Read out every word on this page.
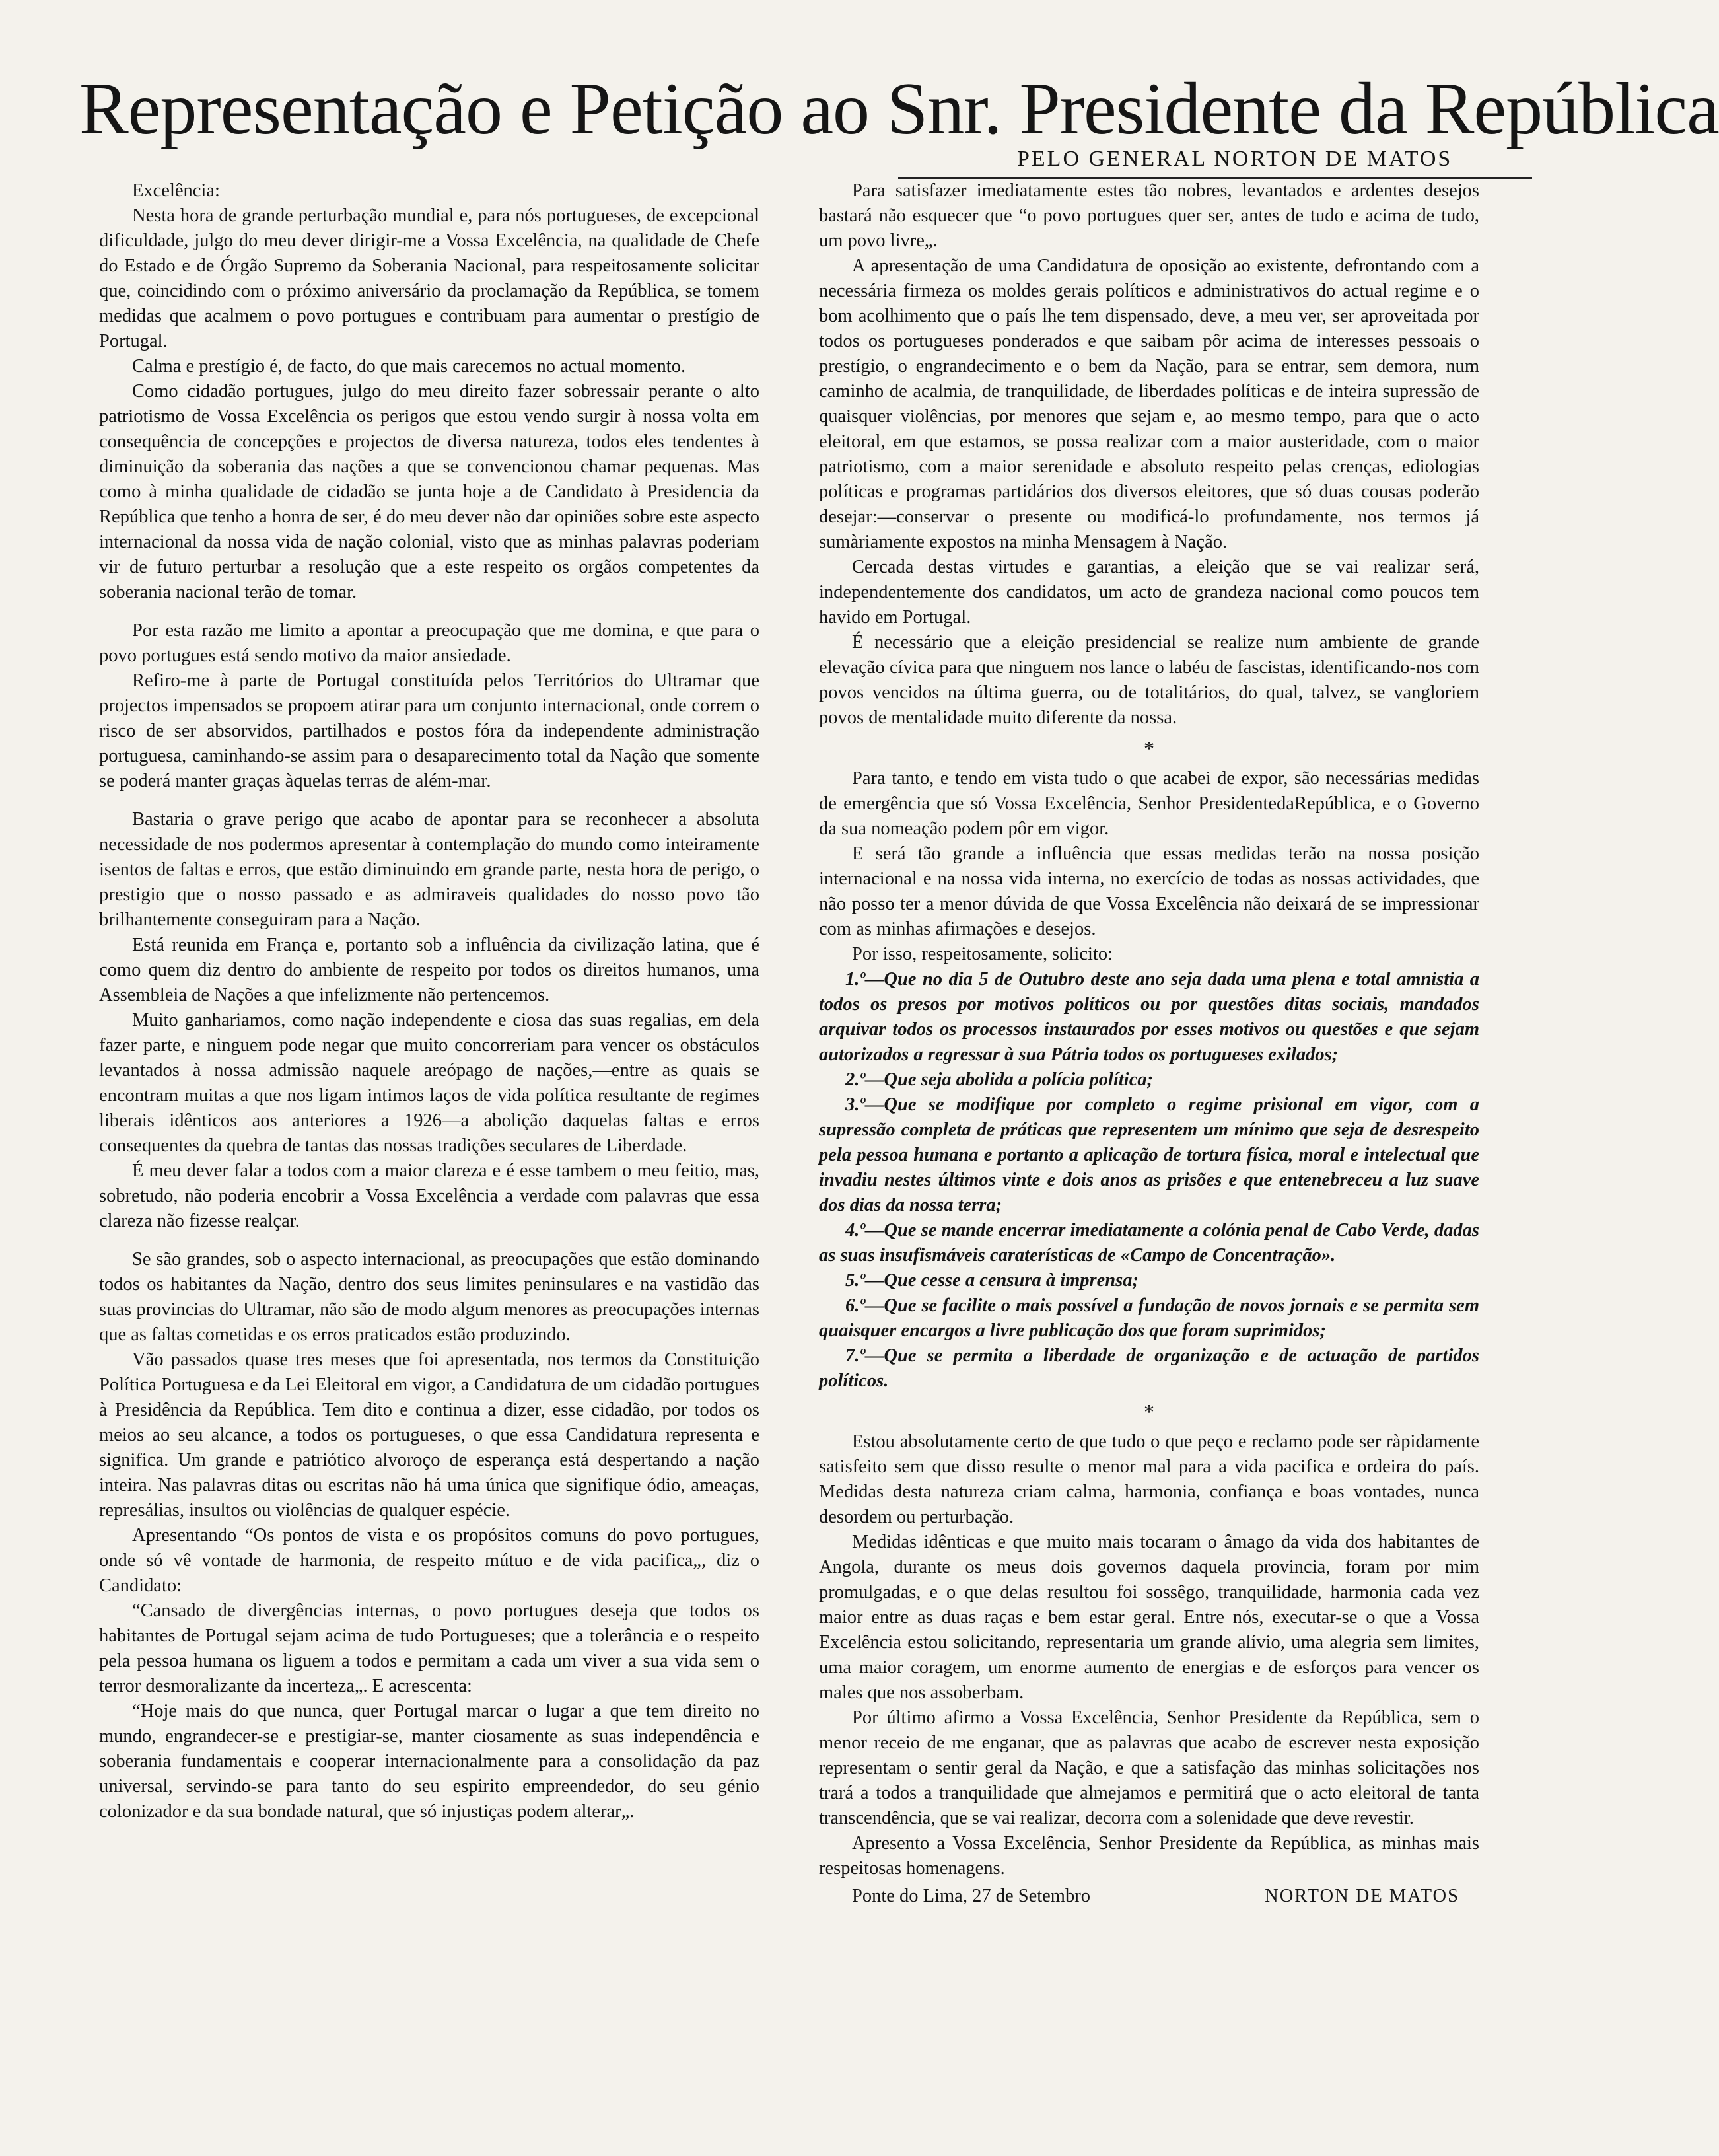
Representação e Petição ao Snr. Presidente da República
PELO GENERAL NORTON DE MATOS

Excelência:

Nesta hora de grande perturbação mundial e, para nós portugueses, de excepcional dificuldade, julgo do meu dever dirigir-me a Vossa Excelência, na qualidade de Chefe do Estado e de Órgão Supremo da Soberania Nacional, para respeitosamente solicitar que, coincidindo com o próximo aniversário da proclamação da República, se tomem medidas que acalmem o povo portugues e contribuam para aumentar o prestígio de Portugal.

Calma e prestígio é, de facto, do que mais carecemos no actual momento.

Como cidadão portugues, julgo do meu direito fazer sobressair perante o alto patriotismo de Vossa Excelência os perigos que estou vendo surgir à nossa volta em consequência de concepções e projectos de diversa natureza, todos eles tendentes à diminuição da soberania das nações a que se convencionou chamar pequenas. Mas como à minha qualidade de cidadão se junta hoje a de Candidato à Presidencia da República que tenho a honra de ser, é do meu dever não dar opiniões sobre este aspecto internacional da nossa vida de nação colonial, visto que as minhas palavras poderiam vir de futuro perturbar a resolução que a este respeito os orgãos competentes da soberania nacional terão de tomar.

Por esta razão me limito a apontar a preocupação que me domina, e que para o povo portugues está sendo motivo da maior ansiedade.

Refiro-me à parte de Portugal constituída pelos Territórios do Ultramar que projectos impensados se propoem atirar para um conjunto internacional, onde correm o risco de ser absorvidos, partilhados e postos fóra da independente administração portuguesa, caminhando-se assim para o desaparecimento total da Nação que somente se poderá manter graças àquelas terras de além-mar.

Bastaria o grave perigo que acabo de apontar para se reconhecer a absoluta necessidade de nos podermos apresentar à contemplação do mundo como inteiramente isentos de faltas e erros, que estão diminuindo em grande parte, nesta hora de perigo, o prestigio que o nosso passado e as admiraveis qualidades do nosso povo tão brilhantemente conseguiram para a Nação.

Está reunida em França e, portanto sob a influência da civilização latina, que é como quem diz dentro do ambiente de respeito por todos os direitos humanos, uma Assembleia de Nações a que infelizmente não pertencemos.

Muito ganhariamos, como nação independente e ciosa das suas regalias, em dela fazer parte, e ninguem pode negar que muito concorreriam para vencer os obstáculos levantados à nossa admissão naquele areópago de nações,—entre as quais se encontram muitas a que nos ligam intimos laços de vida política resultante de regimes liberais idênticos aos anteriores a 1926—a abolição daquelas faltas e erros consequentes da quebra de tantas das nossas tradições seculares de Liberdade.

É meu dever falar a todos com a maior clareza e é esse tambem o meu feitio, mas, sobretudo, não poderia encobrir a Vossa Excelência a verdade com palavras que essa clareza não fizesse realçar.

Se são grandes, sob o aspecto internacional, as preocupações que estão dominando todos os habitantes da Nação, dentro dos seus limites peninsulares e na vastidão das suas provincias do Ultramar, não são de modo algum menores as preocupações internas que as faltas cometidas e os erros praticados estão produzindo.

Vão passados quase tres meses que foi apresentada, nos termos da Constituição Política Portuguesa e da Lei Eleitoral em vigor, a Candidatura de um cidadão portugues à Presidência da República. Tem dito e continua a dizer, esse cidadão, por todos os meios ao seu alcance, a todos os portugueses, o que essa Candidatura representa e significa. Um grande e patriótico alvoroço de esperança está despertando a nação inteira. Nas palavras ditas ou escritas não há uma única que signifique ódio, ameaças, represálias, insultos ou violências de qualquer espécie.

Apresentando “Os pontos de vista e os propósitos comuns do povo portugues, onde só vê vontade de harmonia, de respeito mútuo e de vida pacifica„, diz o Candidato:

“Cansado de divergências internas, o povo portugues deseja que todos os habitantes de Portugal sejam acima de tudo Portugueses; que a tolerância e o respeito pela pessoa humana os liguem a todos e permitam a cada um viver a sua vida sem o terror desmoralizante da incerteza„. E acrescenta:

“Hoje mais do que nunca, quer Portugal marcar o lugar a que tem direito no mundo, engrandecer-se e prestigiar-se, manter ciosamente as suas independência e soberania fundamentais e cooperar internacionalmente para a consolidação da paz universal, servindo-se para tanto do seu espirito empreendedor, do seu génio colonizador e da sua bondade natural, que só injustiças podem alterar„.

Para satisfazer imediatamente estes tão nobres, levantados e ardentes desejos bastará não esquecer que “o povo portugues quer ser, antes de tudo e acima de tudo, um povo livre„.

A apresentação de uma Candidatura de oposição ao existente, defrontando com a necessária firmeza os moldes gerais políticos e administrativos do actual regime e o bom acolhimento que o país lhe tem dispensado, deve, a meu ver, ser aproveitada por todos os portugueses ponderados e que saibam pôr acima de interesses pessoais o prestígio, o engrandecimento e o bem da Nação, para se entrar, sem demora, num caminho de acalmia, de tranquilidade, de liberdades políticas e de inteira supressão de quaisquer violências, por menores que sejam e, ao mesmo tempo, para que o acto eleitoral, em que estamos, se possa realizar com a maior austeridade, com o maior patriotismo, com a maior serenidade e absoluto respeito pelas crenças, ediologias políticas e programas partidários dos diversos eleitores, que só duas cousas poderão desejar:—conservar o presente ou modificá-lo profundamente, nos termos já sumàriamente expostos na minha Mensagem à Nação.

Cercada destas virtudes e garantias, a eleição que se vai realizar será, independentemente dos candidatos, um acto de grandeza nacional como poucos tem havido em Portugal.

É necessário que a eleição presidencial se realize num ambiente de grande elevação cívica para que ninguem nos lance o labéu de fascistas, identificando-nos com povos vencidos na última guerra, ou de totalitários, do qual, talvez, se vangloriem povos de mentalidade muito diferente da nossa.

*

Para tanto, e tendo em vista tudo o que acabei de expor, são necessárias medidas de emergência que só Vossa Excelência, Senhor PresidentedaRepública, e o Governo da sua nomeação podem pôr em vigor.

E será tão grande a influência que essas medidas terão na nossa posição internacional e na nossa vida interna, no exercício de todas as nossas actividades, que não posso ter a menor dúvida de que Vossa Excelência não deixará de se impressionar com as minhas afirmações e desejos.

Por isso, respeitosamente, solicito:

1.º—Que no dia 5 de Outubro deste ano seja dada uma plena e total amnistia a todos os presos por motivos políticos ou por questões ditas sociais, mandados arquivar todos os processos instaurados por esses motivos ou questões e que sejam autorizados a regressar à sua Pátria todos os portugueses exilados;
2.º—Que seja abolida a polícia política;
3.º—Que se modifique por completo o regime prisional em vigor, com a supressão completa de práticas que representem um mínimo que seja de desrespeito pela pessoa humana e portanto a aplicação de tortura física, moral e intelectual que invadiu nestes últimos vinte e dois anos as prisões e que entenebreceu a luz suave dos dias da nossa terra;
4.º—Que se mande encerrar imediatamente a colónia penal de Cabo Verde, dadas as suas insufismáveis caraterísticas de «Campo de Concentração».
5.º—Que cesse a censura à imprensa;
6.º—Que se facilite o mais possível a fundação de novos jornais e se permita sem quaisquer encargos a livre publicação dos que foram suprimidos;
7.º—Que se permita a liberdade de organização e de actuação de partidos políticos.
*

Estou absolutamente certo de que tudo o que peço e reclamo pode ser ràpidamente satisfeito sem que disso resulte o menor mal para a vida pacifica e ordeira do país. Medidas desta natureza criam calma, harmonia, confiança e boas vontades, nunca desordem ou perturbação.

Medidas idênticas e que muito mais tocaram o âmago da vida dos habitantes de Angola, durante os meus dois governos daquela provincia, foram por mim promulgadas, e o que delas resultou foi sossêgo, tranquilidade, harmonia cada vez maior entre as duas raças e bem estar geral. Entre nós, executar-se o que a Vossa Excelência estou solicitando, representaria um grande alívio, uma alegria sem limites, uma maior coragem, um enorme aumento de energias e de esforços para vencer os males que nos assoberbam.

Por último afirmo a Vossa Excelência, Senhor Presidente da República, sem o menor receio de me enganar, que as palavras que acabo de escrever nesta exposição representam o sentir geral da Nação, e que a satisfação das minhas solicitações nos trará a todos a tranquilidade que almejamos e permitirá que o acto eleitoral de tanta transcendência, que se vai realizar, decorra com a solenidade que deve revestir.

Apresento a Vossa Excelência, Senhor Presidente da República, as minhas mais respeitosas homenagens.

Ponte do Lima, 27 de Setembro	NORTON DE MATOS
